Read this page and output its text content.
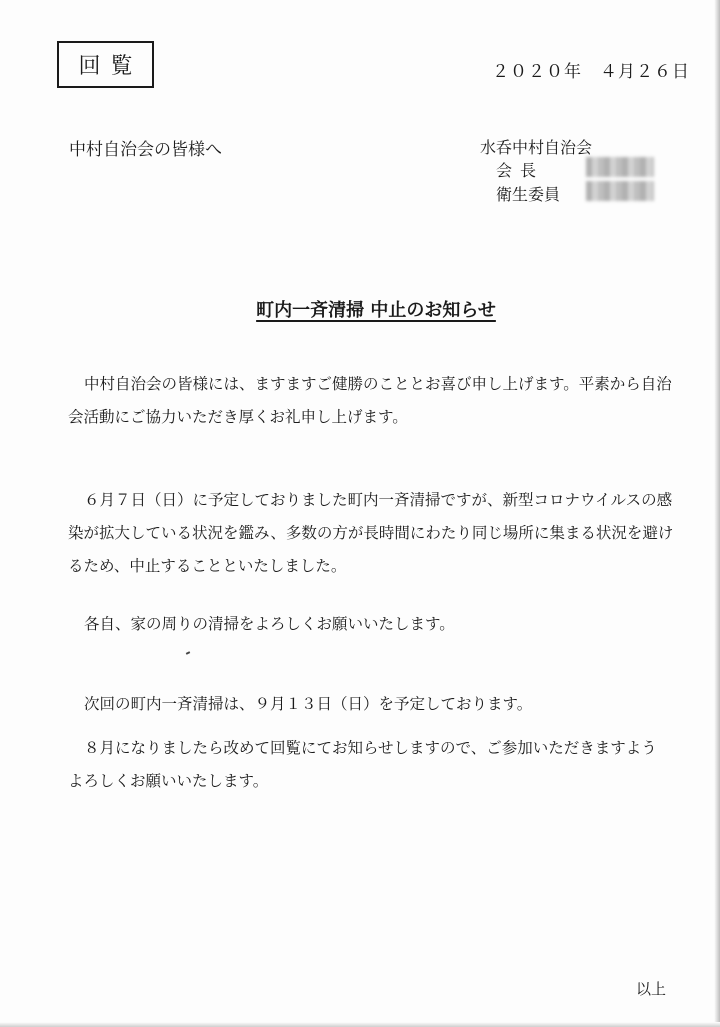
回覧	２０２０年　４月２６日
中村自治会の皆様へ	水呑中村自治会
会長
衛生委員
町内一斉清掃 中止のお知らせ
中村自治会の皆様には、ますますご健勝のこととお喜び申し上げます。平素から自治
会活動にご協力いただき厚くお礼申し上げます。
６月７日（日）に予定しておりました町内一斉清掃ですが、新型コロナウイルスの感
染が拡大している状況を鑑み、多数の方が長時間にわたり同じ場所に集まる状況を避け
るため、中止することといたしました。
各自、家の周りの清掃をよろしくお願いいたします。
次回の町内一斉清掃は、９月１３日（日）を予定しております。
８月になりましたら改めて回覧にてお知らせしますので、ご参加いただきますよう
よろしくお願いいたします。
以上
